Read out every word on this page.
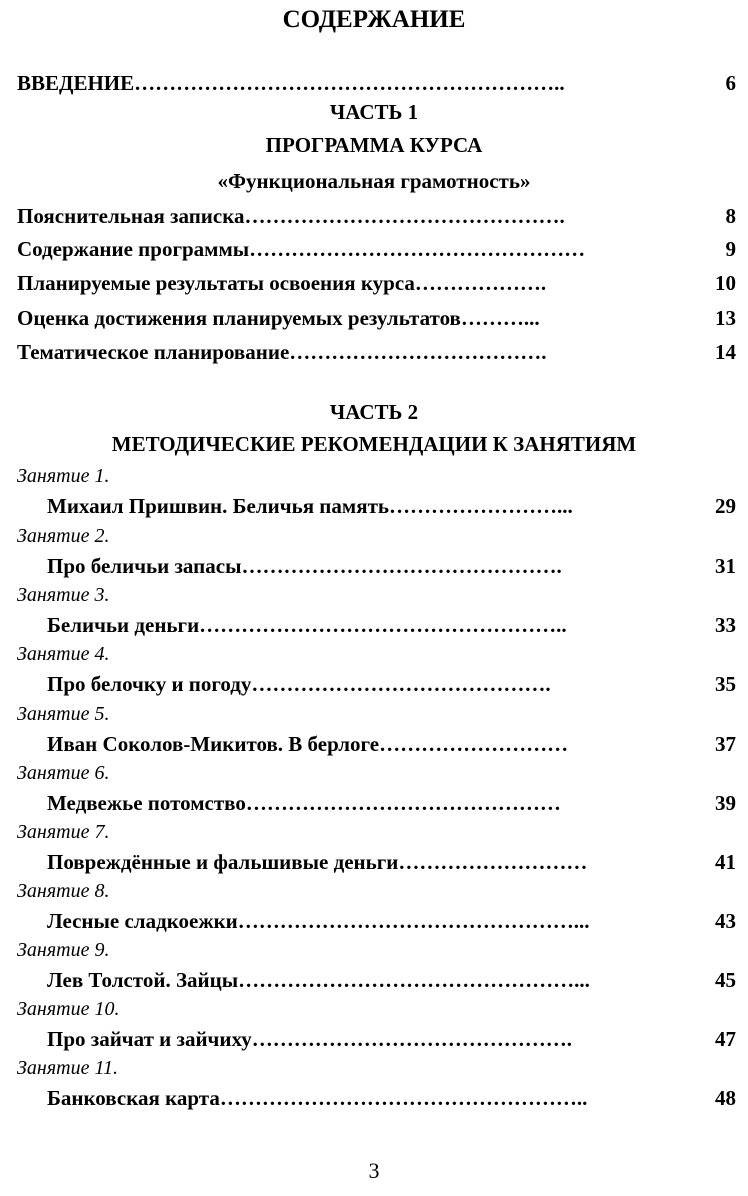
СОДЕРЖАНИЕ
ВВЕДЕНИЕ……………………………………………………..	6
ЧАСТЬ 1
ПРОГРАММА КУРСА
«Функциональная грамотность»
Пояснительная записка……………………………………….	8
Содержание программы…………………………………………	9
Планируемые результаты освоения курса……………….	10
Оценка достижения планируемых результатов………...	13
Тематическое планирование……………………………….	14
ЧАСТЬ 2
МЕТОДИЧЕСКИЕ РЕКОМЕНДАЦИИ К ЗАНЯТИЯМ
Занятие 1.
Михаил Пришвин. Беличья память……………………...	29
Занятие 2.
Про беличьи запасы……………………………………….	31
Занятие 3.
Беличьи деньги……………………………………………..	33
Занятие 4.
Про белочку и погоду…………………………………….	35
Занятие 5.
Иван Соколов-Микитов. В берлоге………………………	37
Занятие 6.
Медвежье потомство………………………………………	39
Занятие 7.
Повреждённые и фальшивые деньги………………………	41
Занятие 8.
Лесные сладкоежки…………………………………………...	43
Занятие 9.
Лев Толстой. Зайцы…………………………………………...	45
Занятие 10.
Про зайчат и зайчиху……………………………………….	47
Занятие 11.
Банковская карта……………………………………………..	48
3
